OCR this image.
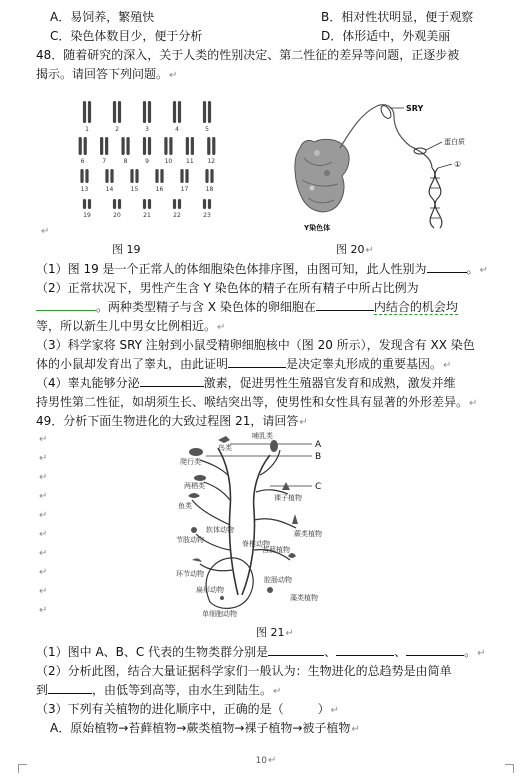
A．易饲养，繁殖快	B．相对性状明显，便于观察
C．染色体数目少，便于分析	D．体形适中，外观美丽
48．随着研究的深入，关于人类的性别决定、第二性征的差异等问题，正逐步被
揭示。请回答下列问题。↵
1	2	3	4	5
6	7	8	9	10 11 12
13	14	15	16	17	18
19	20	21	22	23
图 19
SRY
蛋白质
①
Y染色体
图 20↵
↵
（1）图 19 是一个正常人的体细胞染色体排序图，由图可知，此人性别为	。↵
（2）正常状况下，男性产生含 Y 染色体的精子在所有精子中所占比例为
。两种类型精子与含 X 染色体的卵细胞在	内结合的机会均
等，所以新生儿中男女比例相近。↵
（3）科学家将 SRY 注射到小鼠受精卵细胞核中（图 20 所示），发现含有 XX 染色
体的小鼠却发育出了睾丸，由此证明	是决定睾丸形成的重要基因。↵
（4）睾丸能够分泌	激素，促进男性生殖器官发育和成熟，激发并维
持男性第二性征，如胡须生长、喉结突出等，使男性和女性具有显著的外形差异。↵
49．分析下面生物进化的大致过程图 21，请回答↵
↵
↵
↵
↵
↵
↵
↵
↵
↵
↵
A
B
C
爬行类
鸟类
哺乳类
两栖类
鱼类
节肢动物
软体动物
环节动物
扁形动物
单细胞动物
裸子植物
蕨类植物
苔藓植物
腔肠动物
藻类植物
脊椎动物
图 21↵
（1）图中 A、B、C 代表的生物类群分别是	、	、	。↵
（2）分析此图，结合大量证据科学家们一般认为：生物进化的总趋势是由简单
到	，由低等到高等，由水生到陆生。↵
（3）下列有关植物的进化顺序中，正确的是（	）↵
A．原始植物→苔藓植物→蕨类植物→裸子植物→被子植物↵
10↵
